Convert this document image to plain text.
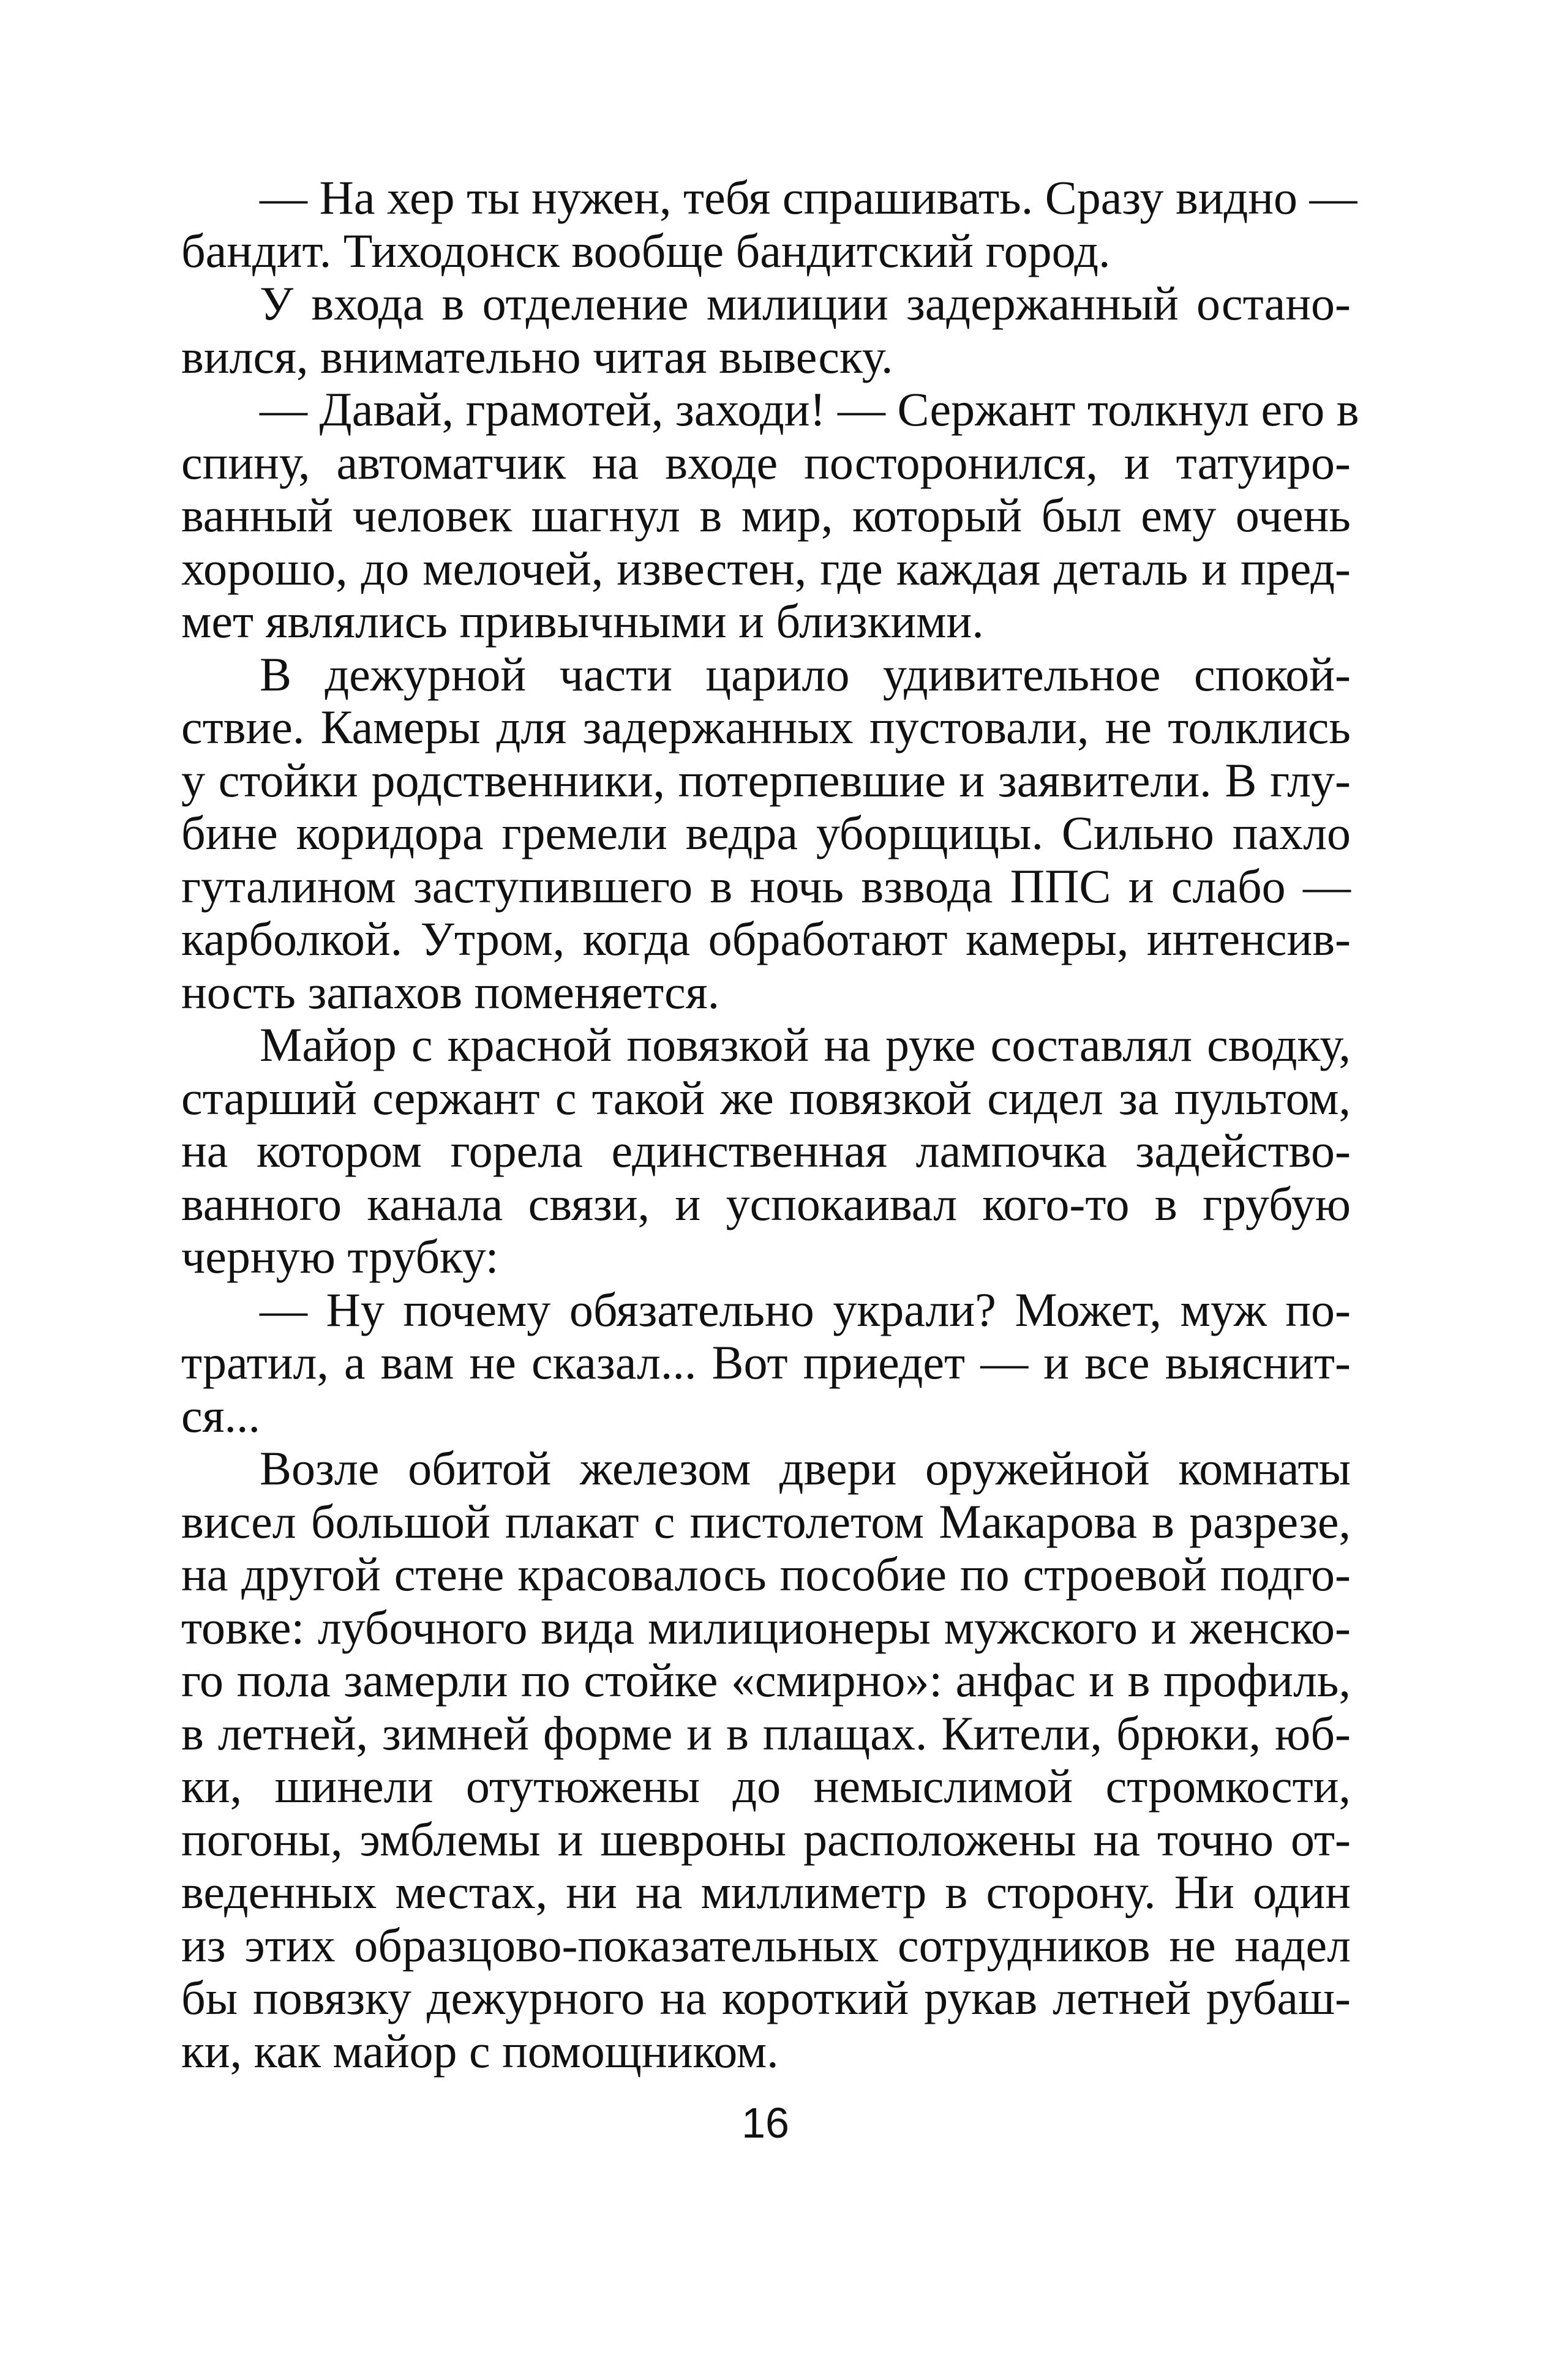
— На хер ты нужен, тебя спрашивать. Сразу видно —
бандит. Тиходонск вообще бандитский город.
У входа в отделение милиции задержанный остано-
вился, внимательно читая вывеску.
— Давай, грамотей, заходи! — Сержант толкнул его в
спину, автоматчик на входе посторонился, и татуиро-
ванный человек шагнул в мир, который был ему очень
хорошо, до мелочей, известен, где каждая деталь и пред-
мет являлись привычными и близкими.
В дежурной части царило удивительное спокой-
ствие. Камеры для задержанных пустовали, не толклись
у стойки родственники, потерпевшие и заявители. В глу-
бине коридора гремели ведра уборщицы. Сильно пахло
гуталином заступившего в ночь взвода ППС и слабо —
карболкой. Утром, когда обработают камеры, интенсив-
ность запахов поменяется.
Майор с красной повязкой на руке составлял сводку,
старший сержант с такой же повязкой сидел за пультом,
на котором горела единственная лампочка задейство-
ванного канала связи, и успокаивал кого-то в грубую
черную трубку:
— Ну почему обязательно украли? Может, муж по-
тратил, а вам не сказал... Вот приедет — и все выяснит-
ся...
Возле обитой железом двери оружейной комнаты
висел большой плакат с пистолетом Макарова в разрезе,
на другой стене красовалось пособие по строевой подго-
товке: лубочного вида милиционеры мужского и женско-
го пола замерли по стойке «смирно»: анфас и в профиль,
в летней, зимней форме и в плащах. Кители, брюки, юб-
ки, шинели отутюжены до немыслимой стромкости,
погоны, эмблемы и шевроны расположены на точно от-
веденных местах, ни на миллиметр в сторону. Ни один
из этих образцово-показательных сотрудников не надел
бы повязку дежурного на короткий рукав летней рубаш-
ки, как майор с помощником.
16
